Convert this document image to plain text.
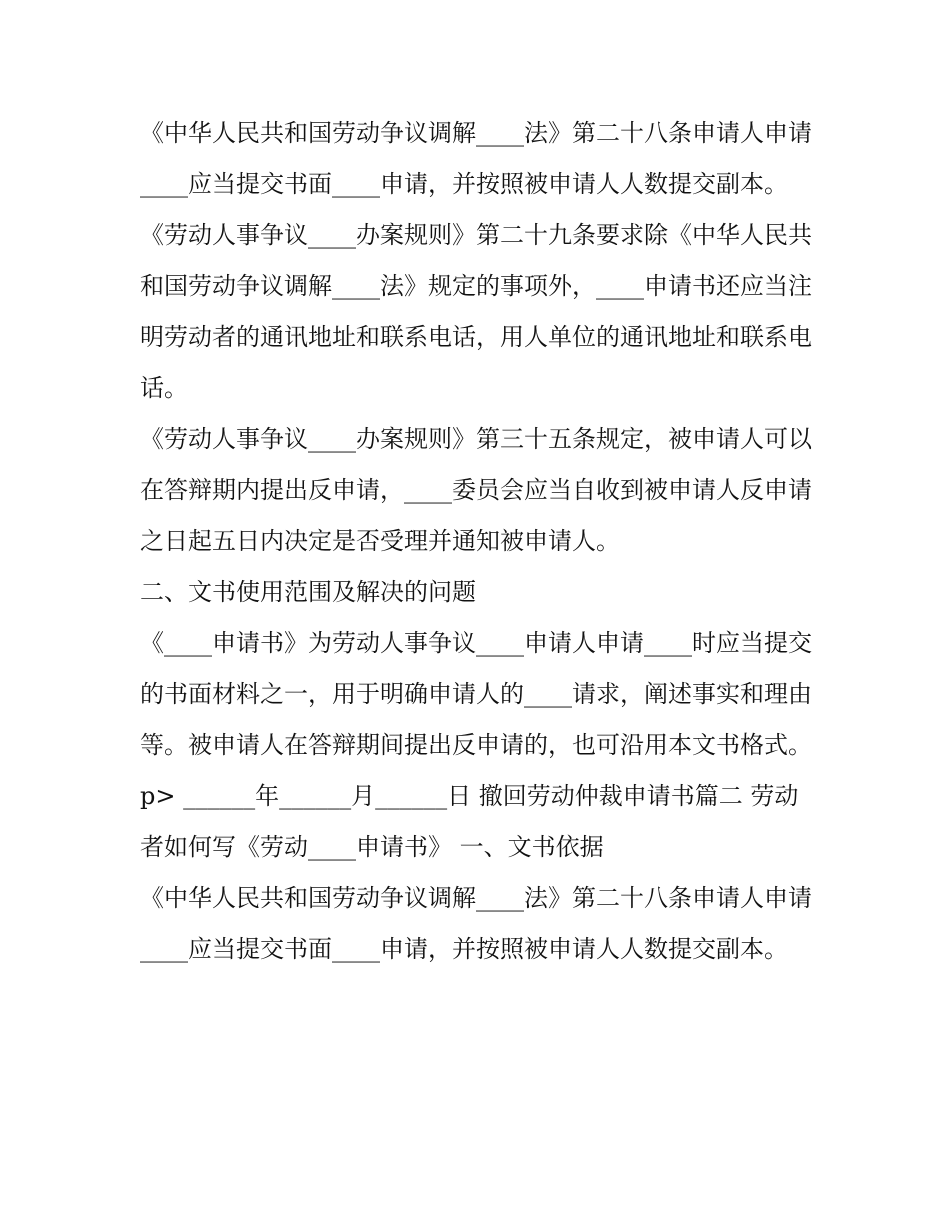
《中华人民共和国劳动争议调解____法》第二十八条申请人申请____应当提交书面____申请，并按照被申请人人数提交副本。

《劳动人事争议____办案规则》第二十九条要求除《中华人民共和国劳动争议调解____法》规定的事项外，____申请书还应当注明劳动者的通讯地址和联系电话，用人单位的通讯地址和联系电话。

《劳动人事争议____办案规则》第三十五条规定，被申请人可以在答辩期内提出反申请，____委员会应当自收到被申请人反申请之日起五日内决定是否受理并通知被申请人。

二、文书使用范围及解决的问题

《____申请书》为劳动人事争议____申请人申请____时应当提交的书面材料之一，用于明确申请人的____请求，阐述事实和理由等。被申请人在答辩期间提出反申请的，也可沿用本文书格式。

p> ______年______月______日 撤回劳动仲裁申请书篇二 劳动者如何写《劳动____申请书》 一、文书依据

《中华人民共和国劳动争议调解____法》第二十八条申请人申请____应当提交书面____申请，并按照被申请人人数提交副本。
